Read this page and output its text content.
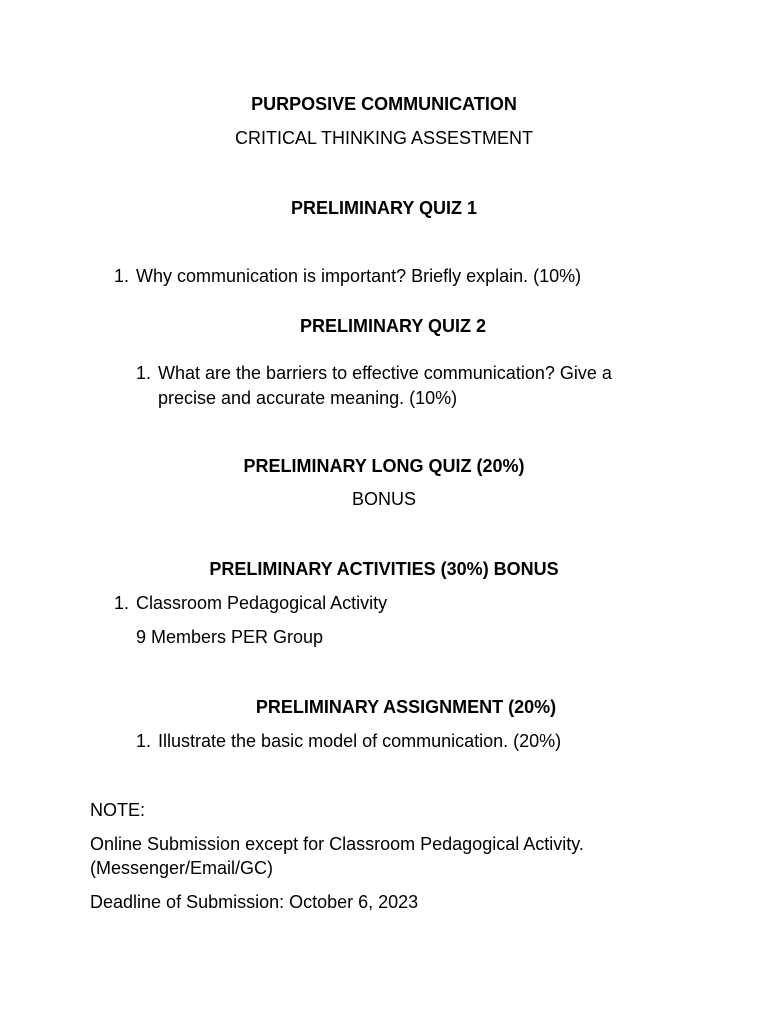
PURPOSIVE COMMUNICATION
CRITICAL THINKING ASSESTMENT
PRELIMINARY QUIZ 1
1. Why communication is important? Briefly explain. (10%)
PRELIMINARY QUIZ 2
1. What are the barriers to effective communication? Give a
precise and accurate meaning. (10%)
PRELIMINARY LONG QUIZ (20%)
BONUS
PRELIMINARY ACTIVITIES (30%) BONUS
1. Classroom Pedagogical Activity
9 Members PER Group
PRELIMINARY ASSIGNMENT (20%)
1. Illustrate the basic model of communication. (20%)
NOTE:
Online Submission except for Classroom Pedagogical Activity.
(Messenger/Email/GC)
Deadline of Submission: October 6, 2023
